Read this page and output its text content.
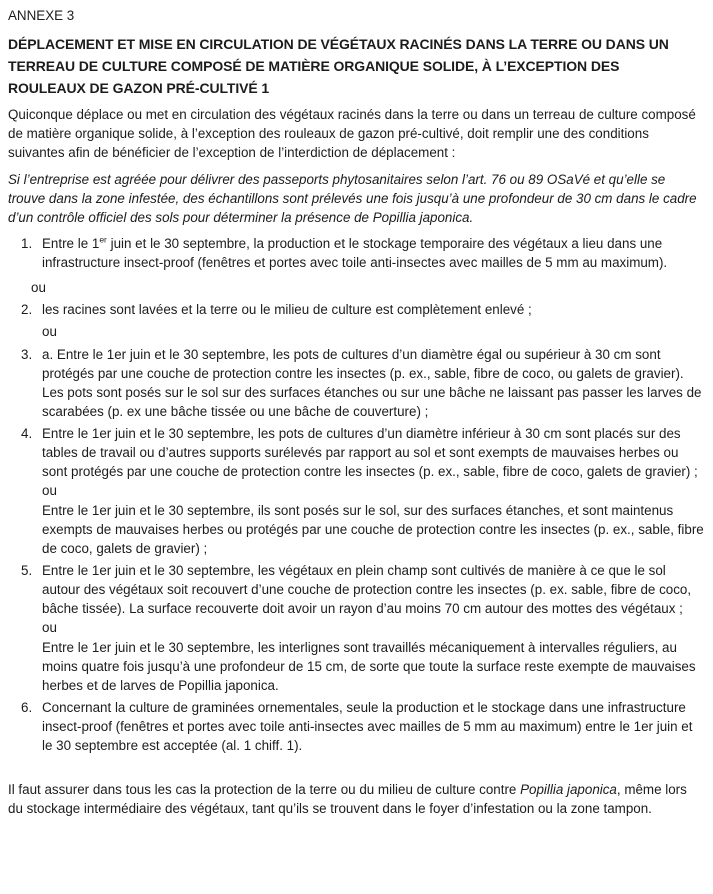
ANNEXE 3
DÉPLACEMENT ET MISE EN CIRCULATION DE VÉGÉTAUX RACINÉS DANS LA TERRE OU DANS UN
TERREAU DE CULTURE COMPOSÉ DE MATIÈRE ORGANIQUE SOLIDE, À L’EXCEPTION DES
ROULEAUX DE GAZON PRÉ-CULTIVÉ 1
Quiconque déplace ou met en circulation des végétaux racinés dans la terre ou dans un terreau de culture composé de matière organique solide, à l’exception des rouleaux de gazon pré-cultivé, doit remplir une des conditions suivantes afin de bénéficier de l’exception de l’interdiction de déplacement :
Si l’entreprise est agréée pour délivrer des passeports phytosanitaires selon l’art. 76 ou 89 OSaVé et qu’elle se trouve dans la zone infestée, des échantillons sont prélevés une fois jusqu’à une profondeur de 30 cm dans le cadre d’un contrôle officiel des sols pour déterminer la présence de Popillia japonica.
1. Entre le 1er juin et le 30 septembre, la production et le stockage temporaire des végétaux a lieu dans une infrastructure insect-proof (fenêtres et portes avec toile anti-insectes avec mailles de 5 mm au maximum).
ou
2. les racines sont lavées et la terre ou le milieu de culture est complètement enlevé ;
ou
3. a. Entre le 1er juin et le 30 septembre, les pots de cultures d’un diamètre égal ou supérieur à 30 cm sont protégés par une couche de protection contre les insectes (p. ex., sable, fibre de coco, ou galets de gravier). Les pots sont posés sur le sol sur des surfaces étanches ou sur une bâche ne laissant pas passer les larves de scarabées (p. ex une bâche tissée ou une bâche de couverture) ;
4. Entre le 1er juin et le 30 septembre, les pots de cultures d’un diamètre inférieur à 30 cm sont placés sur des tables de travail ou d’autres supports surélevés par rapport au sol et sont exempts de mauvaises herbes ou sont protégés par une couche de protection contre les insectes (p. ex., sable, fibre de coco, galets de gravier) ;
ou
Entre le 1er juin et le 30 septembre, ils sont posés sur le sol, sur des surfaces étanches, et sont maintenus exempts de mauvaises herbes ou protégés par une couche de protection contre les insectes (p. ex., sable, fibre de coco, galets de gravier) ;
5. Entre le 1er juin et le 30 septembre, les végétaux en plein champ sont cultivés de manière à ce que le sol autour des végétaux soit recouvert d’une couche de protection contre les insectes (p. ex. sable, fibre de coco, bâche tissée). La surface recouverte doit avoir un rayon d’au moins 70 cm autour des mottes des végétaux ;
ou
Entre le 1er juin et le 30 septembre, les interlignes sont travaillés mécaniquement à intervalles réguliers, au moins quatre fois jusqu’à une profondeur de 15 cm, de sorte que toute la surface reste exempte de mauvaises herbes et de larves de Popillia japonica.
6. Concernant la culture de graminées ornementales, seule la production et le stockage dans une infrastructure insect-proof (fenêtres et portes avec toile anti-insectes avec mailles de 5 mm au maximum) entre le 1er juin et le 30 septembre est acceptée (al. 1 chiff. 1).
Il faut assurer dans tous les cas la protection de la terre ou du milieu de culture contre Popillia japonica, même lors du stockage intermédiaire des végétaux, tant qu’ils se trouvent dans le foyer d’infestation ou la zone tampon.
